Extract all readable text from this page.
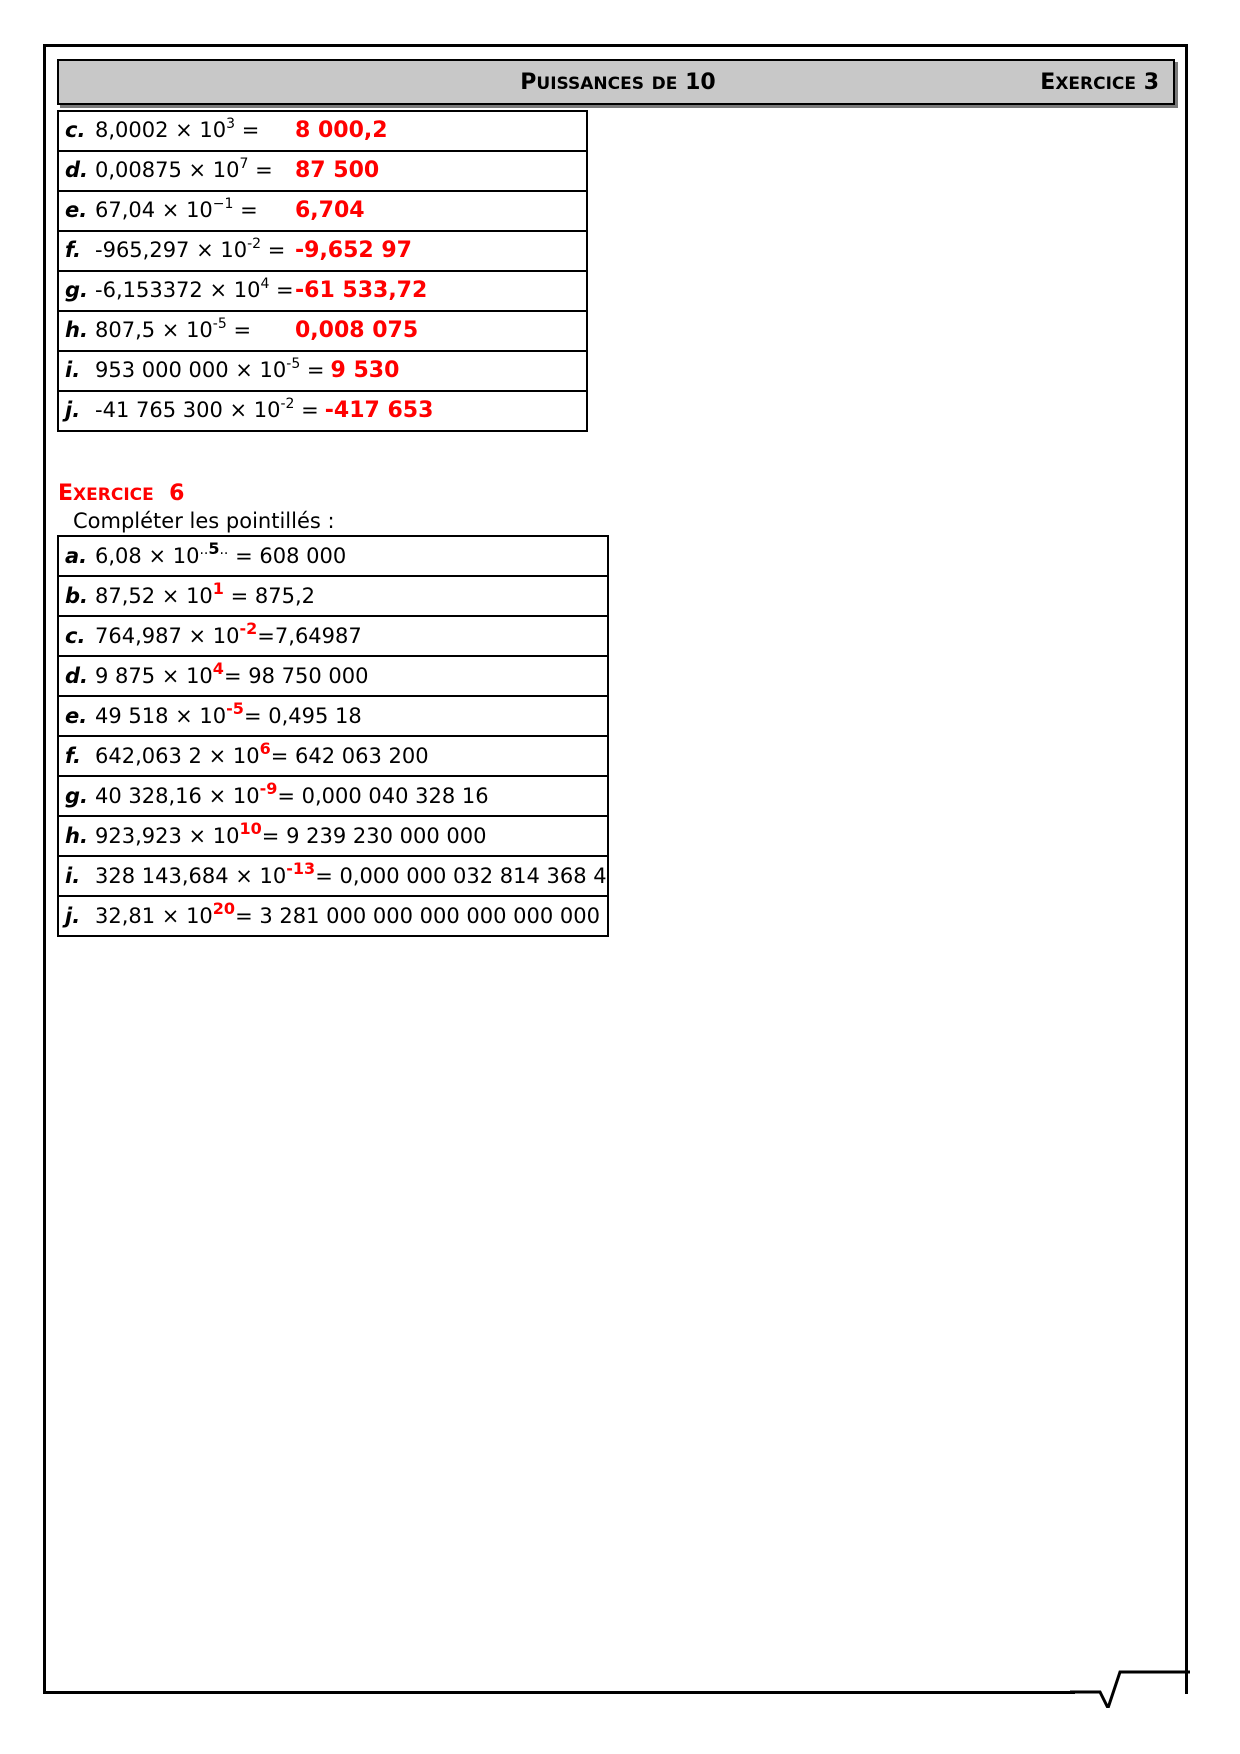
PUISSANCES DE 10	EXERCICE 3
c. $8,0002 \times 10^3 = 8$ 000,2
d. $0,00875 \times 10^7 = 87$ 500
e. $67,04 \times 10^{-1} = 6,704$
f. $-965,297 \times 10^{-2} = -9,652$ 97
g. $-6,153372 \times 10^4 =-61$ 533,72
h. $807,5 \times 10^{-5} = 0,008$ 075
i. 953 000 $000 \times 10^{-5} = 9$ 530
j. -41 765 $300 \times 10^{-2} = -417$ 653
EXERCICE 6
Compléter les pointillés :
a. $6,08 \times 10^{..5..} = 608$ 000
b. $87,52 \times 10^1 = 875,2$
c. $764,987 \times 10^{-2}=7,64987$
d. 9 $875 \times 10^4= 98$ 750 000
e. 49 $518 \times 10^{-5}= 0,495$ 18
f. 642,063 $2 \times 10^6= 642$ 063 200
g. 40 $328,16 \times 10^{-9}= 0,000$ 040 328 16
h. $923,923 \times 10^{10}= 9$ 239 230 000 000
i. 328 $143,684 \times 10^{-13}= 0,000$ 000 032 814 368 4
j. $32,81 \times 10^{20}= 3$ 281 000 000 000 000 000 000
